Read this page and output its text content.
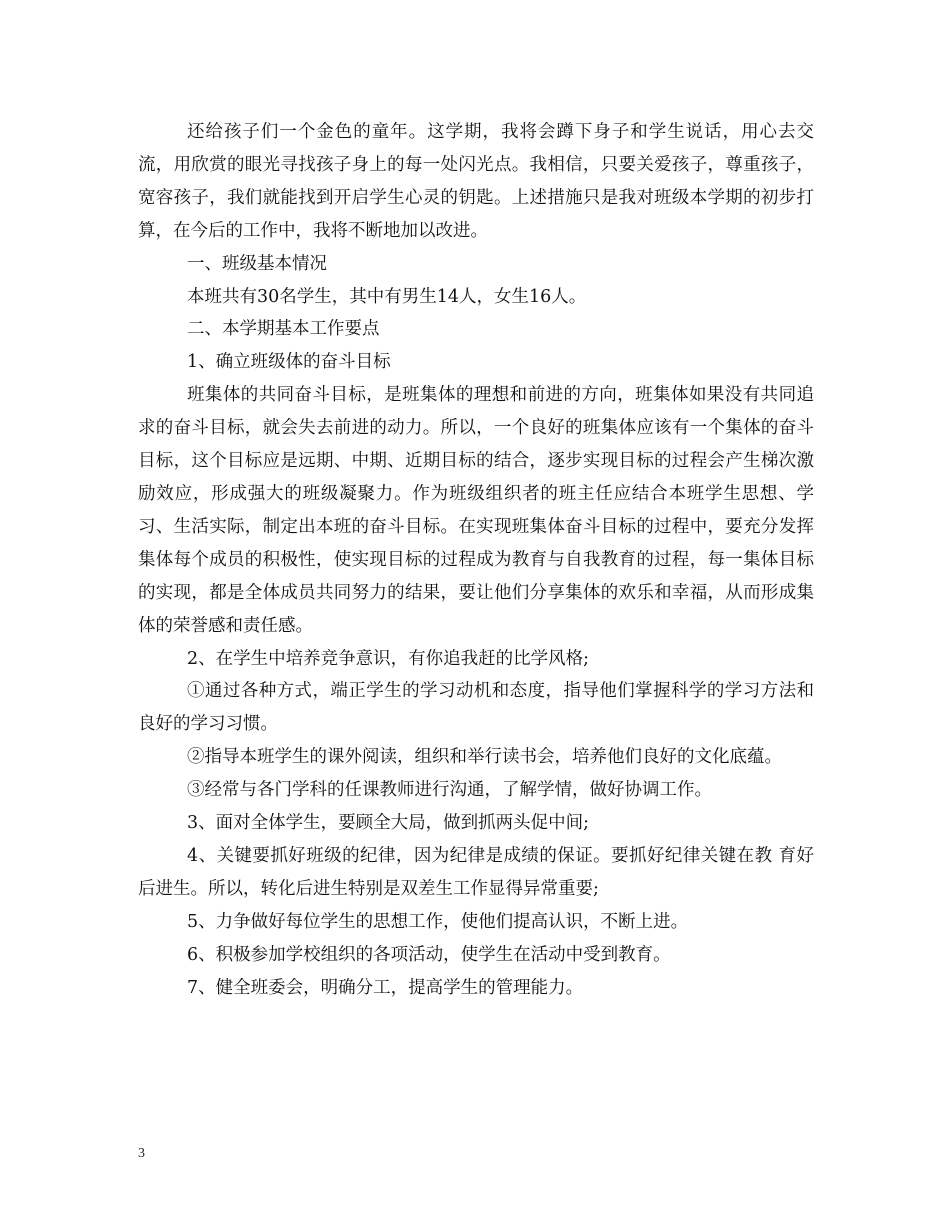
还给孩子们一个金色的童年。这学期，我将会蹲下身子和学生说话，用心去交流，用欣赏的眼光寻找孩子身上的每一处闪光点。我相信，只要关爱孩子，尊重孩子，宽容孩子，我们就能找到开启学生心灵的钥匙。上述措施只是我对班级本学期的初步打算，在今后的工作中，我将不断地加以改进。

一、班级基本情况

本班共有30名学生，其中有男生14人，女生16人。

二、本学期基本工作要点

1、确立班级体的奋斗目标

班集体的共同奋斗目标，是班集体的理想和前进的方向，班集体如果没有共同追求的奋斗目标，就会失去前进的动力。所以，一个良好的班集体应该有一个集体的奋斗目标，这个目标应是远期、中期、近期目标的结合，逐步实现目标的过程会产生梯次激励效应，形成强大的班级凝聚力。作为班级组织者的班主任应结合本班学生思想、学习、生活实际，制定出本班的奋斗目标。在实现班集体奋斗目标的过程中，要充分发挥集体每个成员的积极性，使实现目标的过程成为教育与自我教育的过程，每一集体目标的实现，都是全体成员共同努力的结果，要让他们分享集体的欢乐和幸福，从而形成集体的荣誉感和责任感。

2、在学生中培养竞争意识，有你追我赶的比学风格;

①通过各种方式，端正学生的学习动机和态度，指导他们掌握科学的学习方法和良好的学习习惯。

②指导本班学生的课外阅读，组织和举行读书会，培养他们良好的文化底蕴。

③经常与各门学科的任课教师进行沟通，了解学情，做好协调工作。

3、面对全体学生，要顾全大局，做到抓两头促中间;

4、关键要抓好班级的纪律，因为纪律是成绩的保证。要抓好纪律关键在教 育好后进生。所以，转化后进生特别是双差生工作显得异常重要;

5、力争做好每位学生的思想工作，使他们提高认识，不断上进。

6、积极参加学校组织的各项活动，使学生在活动中受到教育。

7、健全班委会，明确分工，提高学生的管理能力。

3
